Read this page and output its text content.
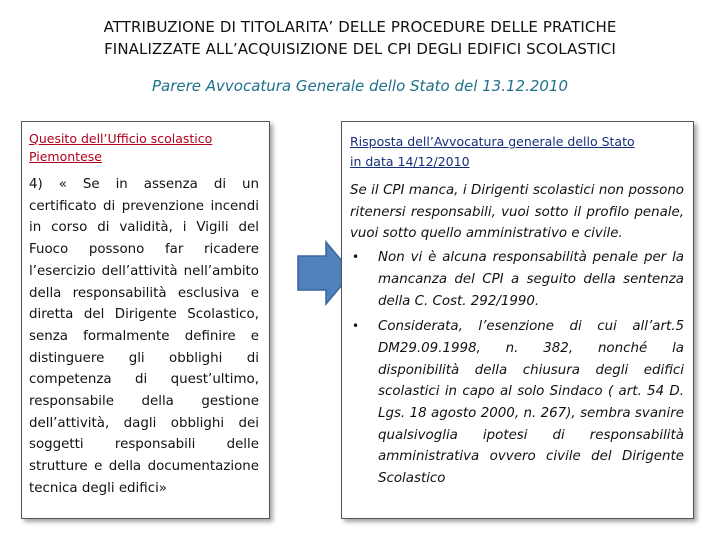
ATTRIBUZIONE DI TITOLARITA’ DELLE PROCEDURE DELLE PRATICHE
FINALIZZATE ALL’ACQUISIZIONE DEL CPI DEGLI EDIFICI SCOLASTICI
Parere Avvocatura Generale dello Stato del 13.12.2010
Quesito dell’Ufficio scolastico Piemontese
4) « Se in assenza di un certificato di prevenzione incendi in corso di validità, i Vigili del Fuoco possono far ricadere l’esercizio dell’attività nell’ambito della responsabilità esclusiva e diretta del Dirigente Scolastico, senza formalmente definire e distinguere gli obblighi di competenza di quest’ultimo, responsabile della gestione dell’attività, dagli obblighi dei soggetti responsabili delle strutture e della documentazione tecnica degli edifici»
Risposta dell’Avvocatura generale dello Stato
in data 14/12/2010

Se il CPI manca, i Dirigenti scolastici non possono ritenersi responsabili, vuoi sotto il profilo penale, vuoi sotto quello amministrativo e civile.

• Non vi è alcuna responsabilità penale per la mancanza del CPI a seguito della sentenza della C. Cost. 292/1990.
• Considerata, l’esenzione di cui all’art.5 DM29.09.1998, n. 382, nonché la disponibilità della chiusura degli edifici scolastici in capo al solo Sindaco ( art. 54 D. Lgs. 18 agosto 2000, n. 267), sembra svanire qualsivoglia ipotesi di responsabilità amministrativa ovvero civile del Dirigente Scolastico
